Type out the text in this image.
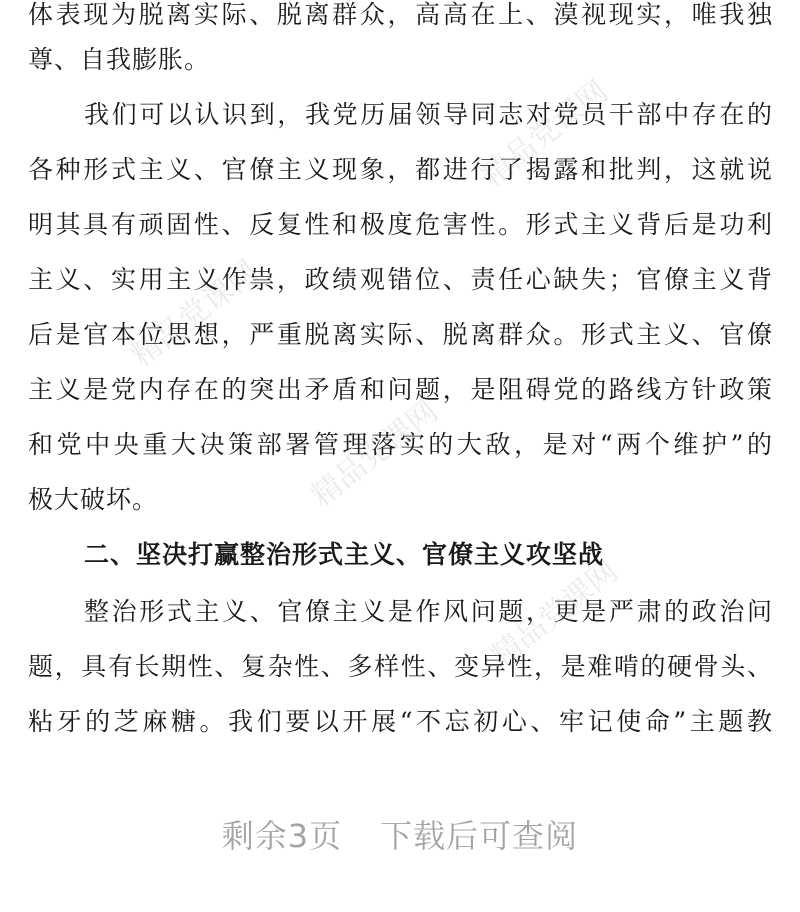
精品党课网
精品党课网
精品党课网
精品党课网
体表现为脱离实际、脱离群众，高高在上、漠视现实，唯我独
尊、自我膨胀。
我们可以认识到，我党历届领导同志对党员干部中存在的
各种形式主义、官僚主义现象，都进行了揭露和批判，这就说
明其具有顽固性、反复性和极度危害性。形式主义背后是功利
主义、实用主义作祟，政绩观错位、责任心缺失；官僚主义背
后是官本位思想，严重脱离实际、脱离群众。形式主义、官僚
主义是党内存在的突出矛盾和问题，是阻碍党的路线方针政策
和党中央重大决策部署管理落实的大敌，是对“两个维护”的
极大破坏。
二、坚决打赢整治形式主义、官僚主义攻坚战
整治形式主义、官僚主义是作风问题，更是严肃的政治问
题，具有长期性、复杂性、多样性、变异性，是难啃的硬骨头、
粘牙的芝麻糖。我们要以开展“不忘初心、牢记使命”主题教
剩余3页 下载后可查阅
